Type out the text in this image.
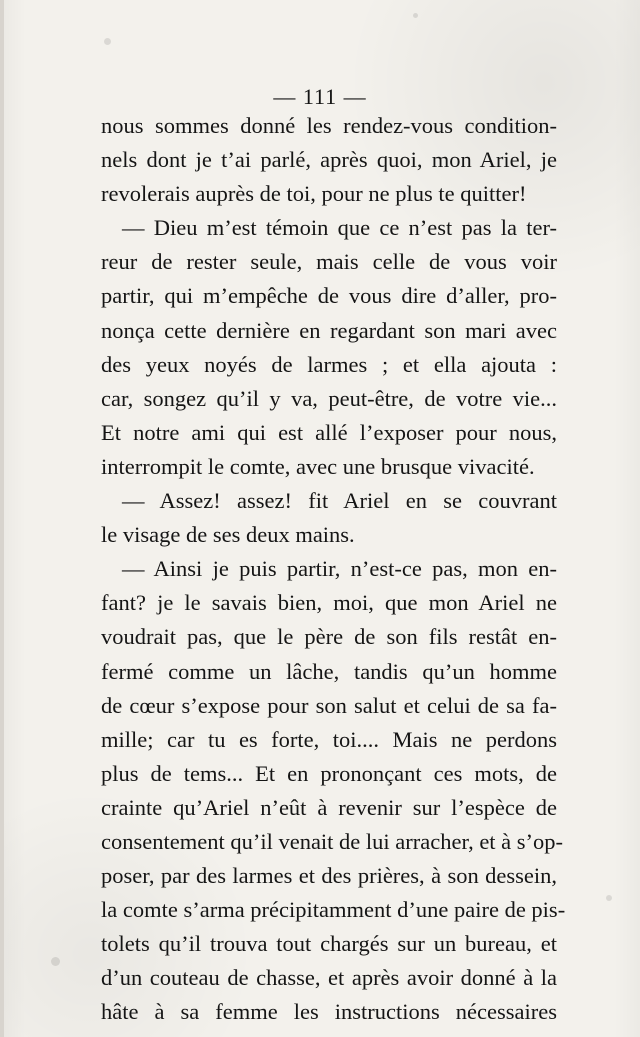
— 111 —
nous sommes donné les rendez-vous condition-
nels dont je t’ai parlé, après quoi, mon Ariel, je
revolerais auprès de toi, pour ne plus te quitter!
— Dieu m’est témoin que ce n’est pas la ter-
reur de rester seule, mais celle de vous voir
partir, qui m’empêche de vous dire d’aller, pro-
nonça cette dernière en regardant son mari avec
des yeux noyés de larmes ; et ella ajouta :
car, songez qu’il y va, peut-être, de votre vie...
Et notre ami qui est allé l’exposer pour nous,
interrompit le comte, avec une brusque vivacité.
— Assez! assez! fit Ariel en se couvrant
le visage de ses deux mains.
— Ainsi je puis partir, n’est-ce pas, mon en-
fant? je le savais bien, moi, que mon Ariel ne
voudrait pas, que le père de son fils restât en-
fermé comme un lâche, tandis qu’un homme
de cœur s’expose pour son salut et celui de sa fa-
mille; car tu es forte, toi.... Mais ne perdons
plus de tems... Et en prononçant ces mots, de
crainte qu’Ariel n’eût à revenir sur l’espèce de
consentement qu’il venait de lui arracher, et à s’op-
poser, par des larmes et des prières, à son dessein,
la comte s’arma précipitamment d’une paire de pis-
tolets qu’il trouva tout chargés sur un bureau, et
d’un couteau de chasse, et après avoir donné à la
hâte à sa femme les instructions nécessaires
